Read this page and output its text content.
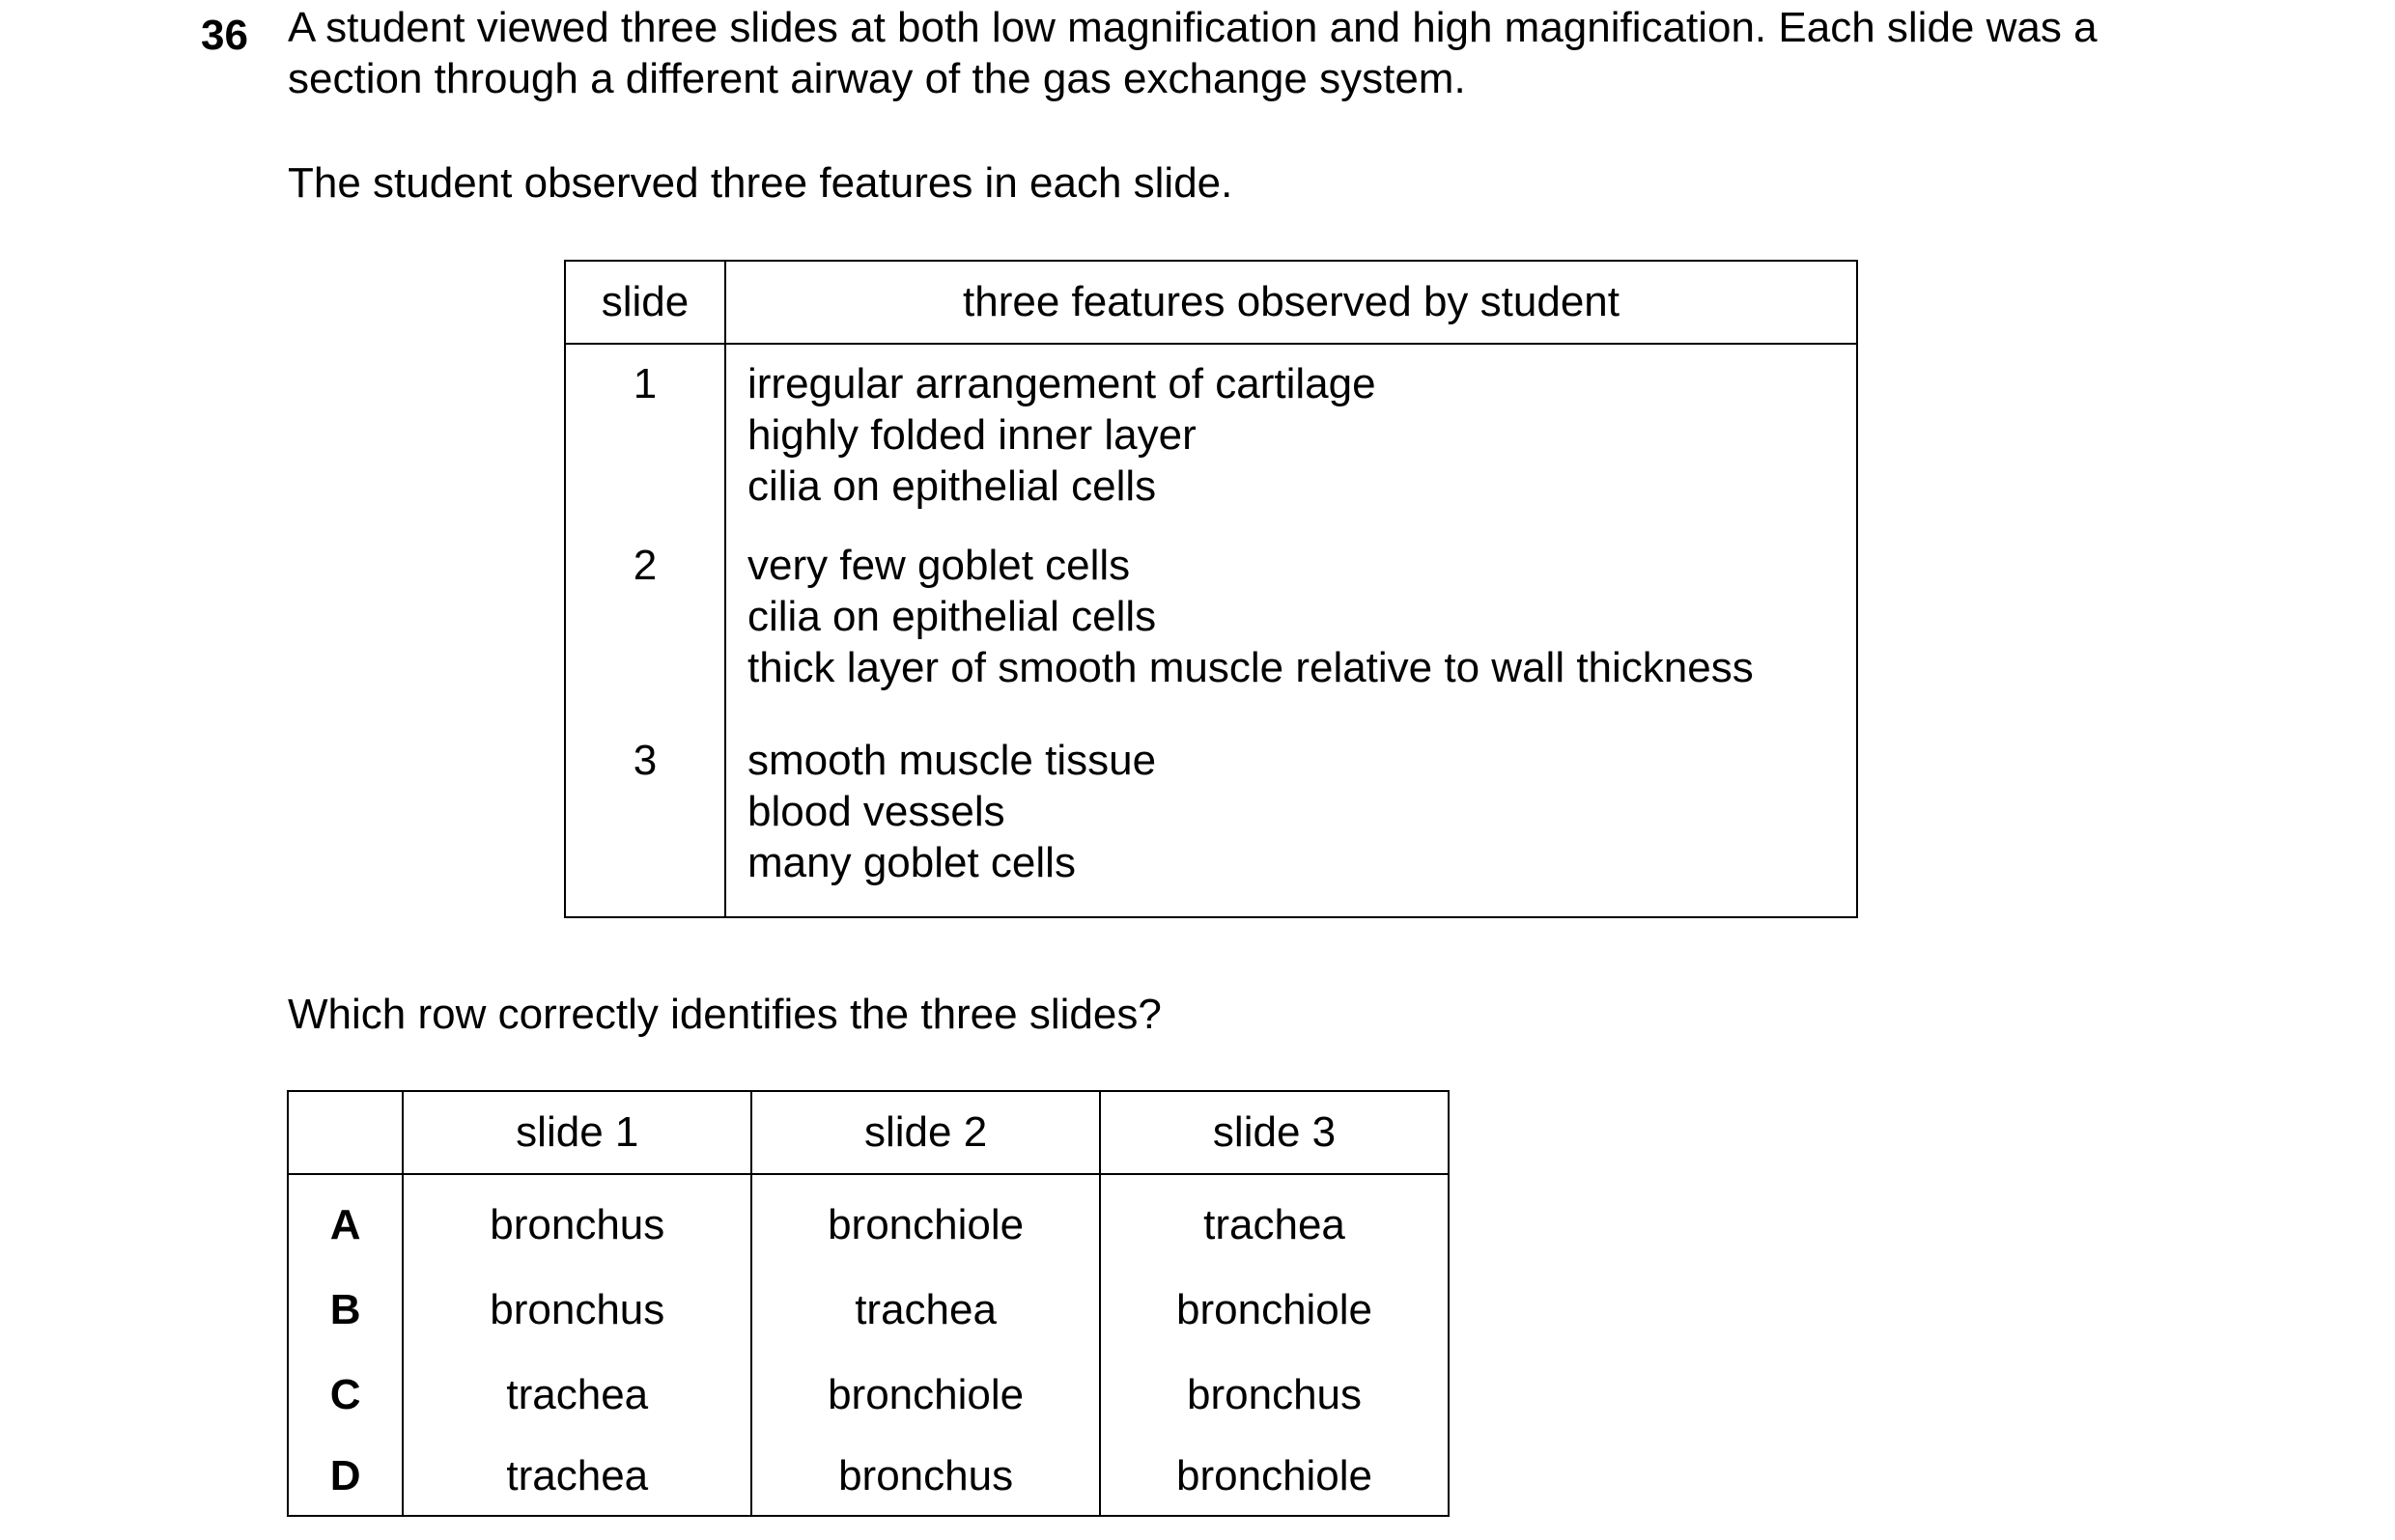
36 A student viewed three slides at both low magnification and high magnification. Each slide was a
section through a different airway of the gas exchange system.
The student observed three features in each slide.
slide	three features observed by student
1	irregular arrangement of cartilage
highly folded inner layer
cilia on epithelial cells

2	very few goblet cells
cilia on epithelial cells
thick layer of smooth muscle relative to wall thickness

3	smooth muscle tissue
blood vessels
many goblet cells
Which row correctly identifies the three slides?
	slide 1	slide 2	slide 3
A	bronchus	bronchiole	trachea
B	bronchus	trachea	bronchiole
C	trachea	bronchiole	bronchus
D	trachea	bronchus	bronchiole
